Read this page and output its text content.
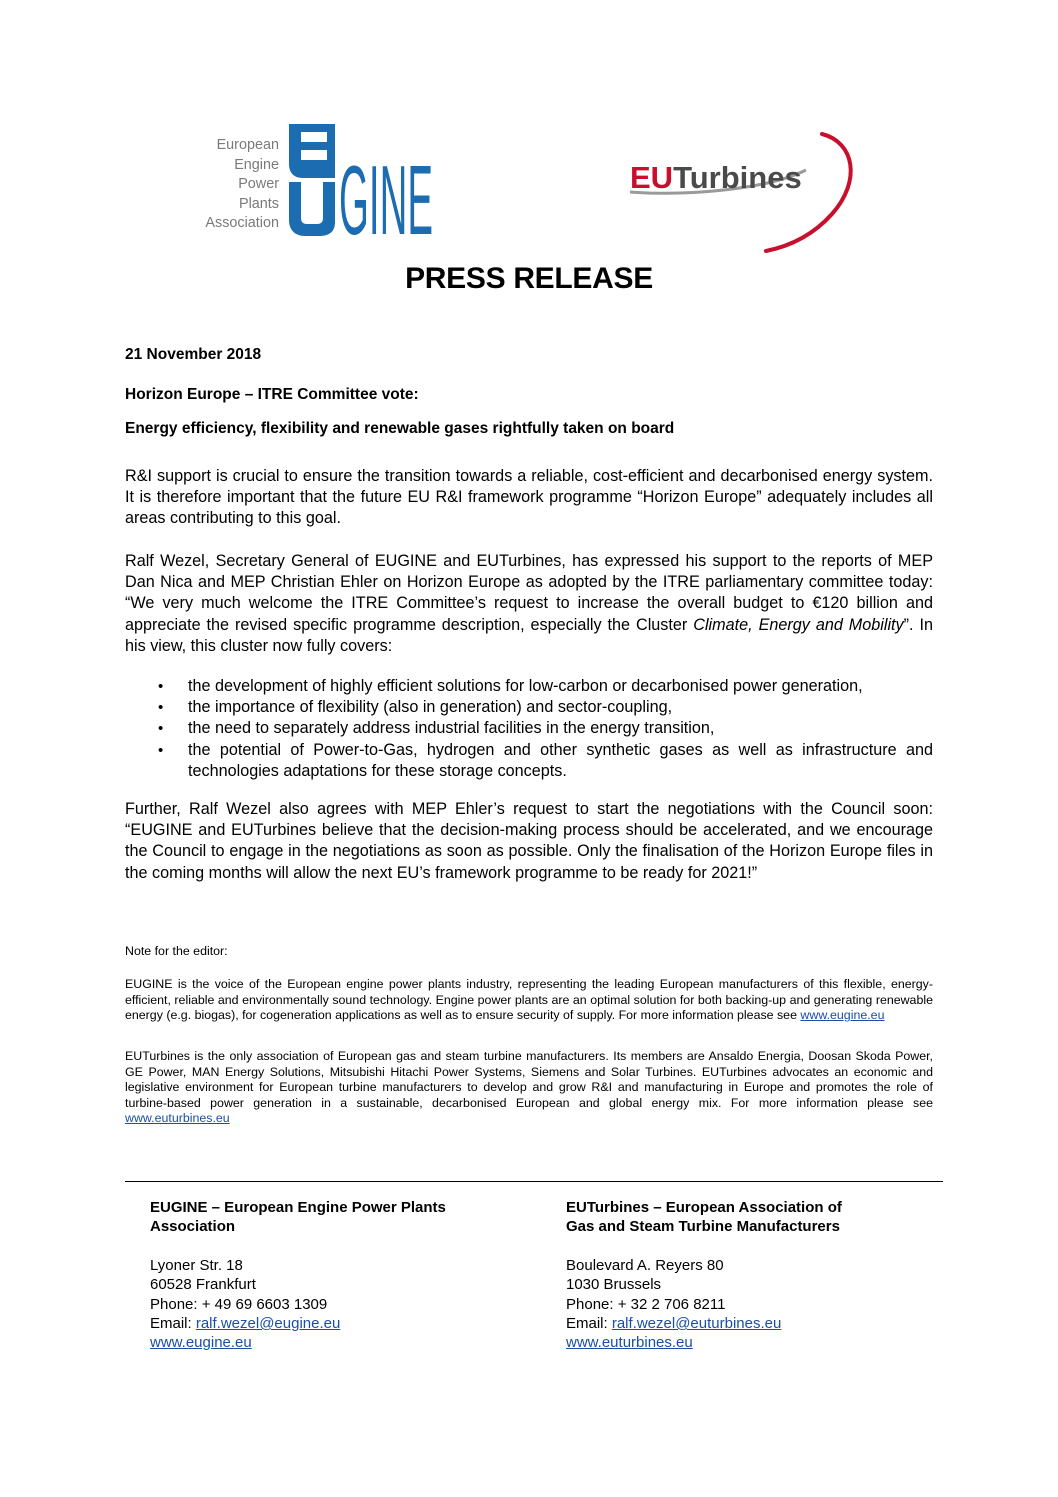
European
Engine
Power
Plants
Association GINE	EUTurbines
PRESS RELEASE
21 November 2018
Horizon Europe – ITRE Committee vote:
Energy efficiency, flexibility and renewable gases rightfully taken on board

R&I support is crucial to ensure the transition towards a reliable, cost-efficient and decarbonised energy system. It is therefore important that the future EU R&I framework programme “Horizon Europe” adequately includes all areas contributing to this goal.

Ralf Wezel, Secretary General of EUGINE and EUTurbines, has expressed his support to the reports of MEP Dan Nica and MEP Christian Ehler on Horizon Europe as adopted by the ITRE parliamentary committee today: “We very much welcome the ITRE Committee’s request to increase the overall budget to €120 billion and appreciate the revised specific programme description, especially the Cluster Climate, Energy and Mobility”. In his view, this cluster now fully covers:

• the development of highly efficient solutions for low-carbon or decarbonised power generation,
• the importance of flexibility (also in generation) and sector-coupling,
• the need to separately address industrial facilities in the energy transition,
• the potential of Power-to-Gas, hydrogen and other synthetic gases as well as infrastructure and technologies adaptations for these storage concepts.

Further, Ralf Wezel also agrees with MEP Ehler’s request to start the negotiations with the Council soon: “EUGINE and EUTurbines believe that the decision-making process should be accelerated, and we encourage the Council to engage in the negotiations as soon as possible. Only the finalisation of the Horizon Europe files in the coming months will allow the next EU’s framework programme to be ready for 2021!”

Note for the editor:

EUGINE is the voice of the European engine power plants industry, representing the leading European manufacturers of this flexible, energy-efficient, reliable and environmentally sound technology. Engine power plants are an optimal solution for both backing-up and generating renewable energy (e.g. biogas), for cogeneration applications as well as to ensure security of supply. For more information please see www.eugine.eu

EUTurbines is the only association of European gas and steam turbine manufacturers. Its members are Ansaldo Energia, Doosan Skoda Power, GE Power, MAN Energy Solutions, Mitsubishi Hitachi Power Systems, Siemens and Solar Turbines. EUTurbines advocates an economic and legislative environment for European turbine manufacturers to develop and grow R&I and manufacturing in Europe and promotes the role of turbine-based power generation in a sustainable, decarbonised European and global energy mix. For more information please see www.euturbines.eu

EUGINE – European Engine Power Plants
Association
Lyoner Str. 18
60528 Frankfurt
Phone: + 49 69 6603 1309
Email: ralf.wezel@eugine.eu
www.eugine.eu
EUTurbines – European Association of
Gas and Steam Turbine Manufacturers
Boulevard A. Reyers 80
1030 Brussels
Phone: + 32 2 706 8211
Email: ralf.wezel@euturbines.eu
www.euturbines.eu
